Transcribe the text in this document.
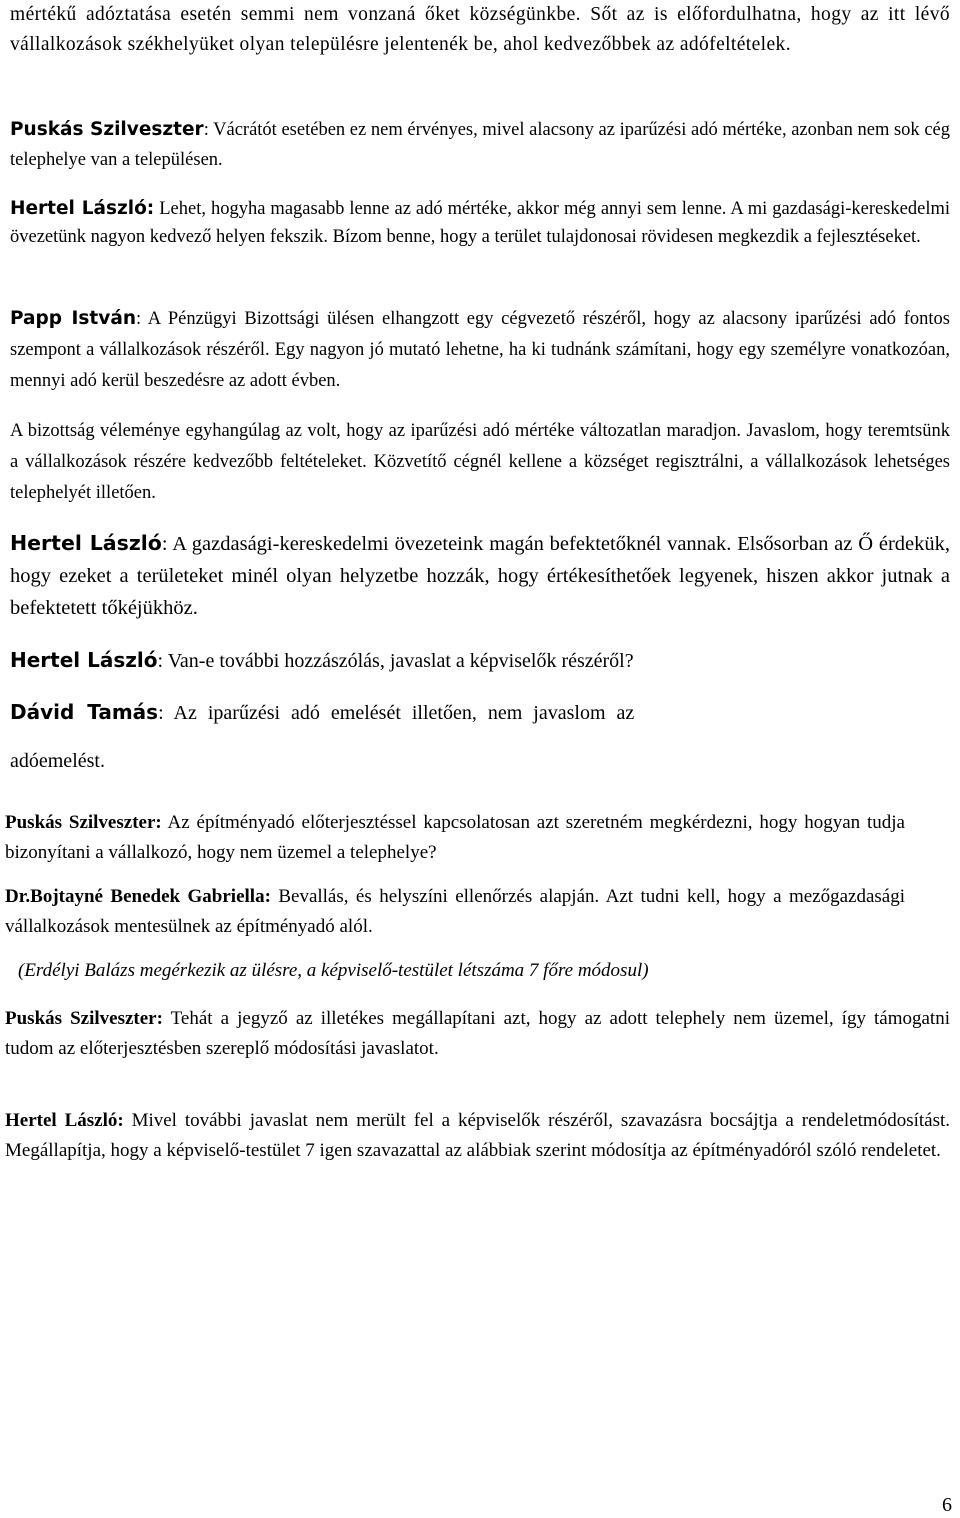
mértékű adóztatása esetén semmi nem vonzaná őket községünkbe. Sőt az is előfordulhatna, hogy az itt lévő vállalkozások székhelyüket olyan településre jelentenék be, ahol kedvezőbbek az adófeltételek.

Puskás Szilveszter: Vácrátót esetében ez nem érvényes, mivel alacsony az iparűzési adó mértéke, azonban nem sok cég telephelye van a településen.

Hertel László: Lehet, hogyha magasabb lenne az adó mértéke, akkor még annyi sem lenne. A mi gazdasági-kereskedelmi övezetünk nagyon kedvező helyen fekszik. Bízom benne, hogy a terület tulajdonosai rövidesen megkezdik a fejlesztéseket.

Papp István: A Pénzügyi Bizottsági ülésen elhangzott egy cégvezető részéről, hogy az alacsony iparűzési adó fontos szempont a vállalkozások részéről. Egy nagyon jó mutató lehetne, ha ki tudnánk számítani, hogy egy személyre vonatkozóan, mennyi adó kerül beszedésre az adott évben.

A bizottság véleménye egyhangúlag az volt, hogy az iparűzési adó mértéke változatlan maradjon. Javaslom, hogy teremtsünk a vállalkozások részére kedvezőbb feltételeket. Közvetítő cégnél kellene a községet regisztrálni, a vállalkozások lehetséges telephelyét illetően.

Hertel László: A gazdasági-kereskedelmi övezeteink magán befektetőknél vannak. Elsősorban az Ő érdekük, hogy ezeket a területeket minél olyan helyzetbe hozzák, hogy értékesíthetőek legyenek, hiszen akkor jutnak a befektetett tőkéjükhöz.

Hertel László: Van-e további hozzászólás, javaslat a képviselők részéről?

Dávid Tamás: Az iparűzési adó emelését illetően, nem javaslom az

adóemelést.

Puskás Szilveszter: Az építményadó előterjesztéssel kapcsolatosan azt szeretném megkérdezni, hogy hogyan tudja bizonyítani a vállalkozó, hogy nem üzemel a telephelye?

Dr.Bojtayné Benedek Gabriella: Bevallás, és helyszíni ellenőrzés alapján. Azt tudni kell, hogy a mezőgazdasági vállalkozások mentesülnek az építményadó alól.

(Erdélyi Balázs megérkezik az ülésre, a képviselő-testület létszáma 7 főre módosul)

Puskás Szilveszter: Tehát a jegyző az illetékes megállapítani azt, hogy az adott telephely nem üzemel, így támogatni tudom az előterjesztésben szereplő módosítási javaslatot.

Hertel László: Mivel további javaslat nem merült fel a képviselők részéről, szavazásra bocsájtja a rendeletmódosítást. Megállapítja, hogy a képviselő-testület 7 igen szavazattal az alábbiak szerint módosítja az építményadóról szóló rendeletet.

6
